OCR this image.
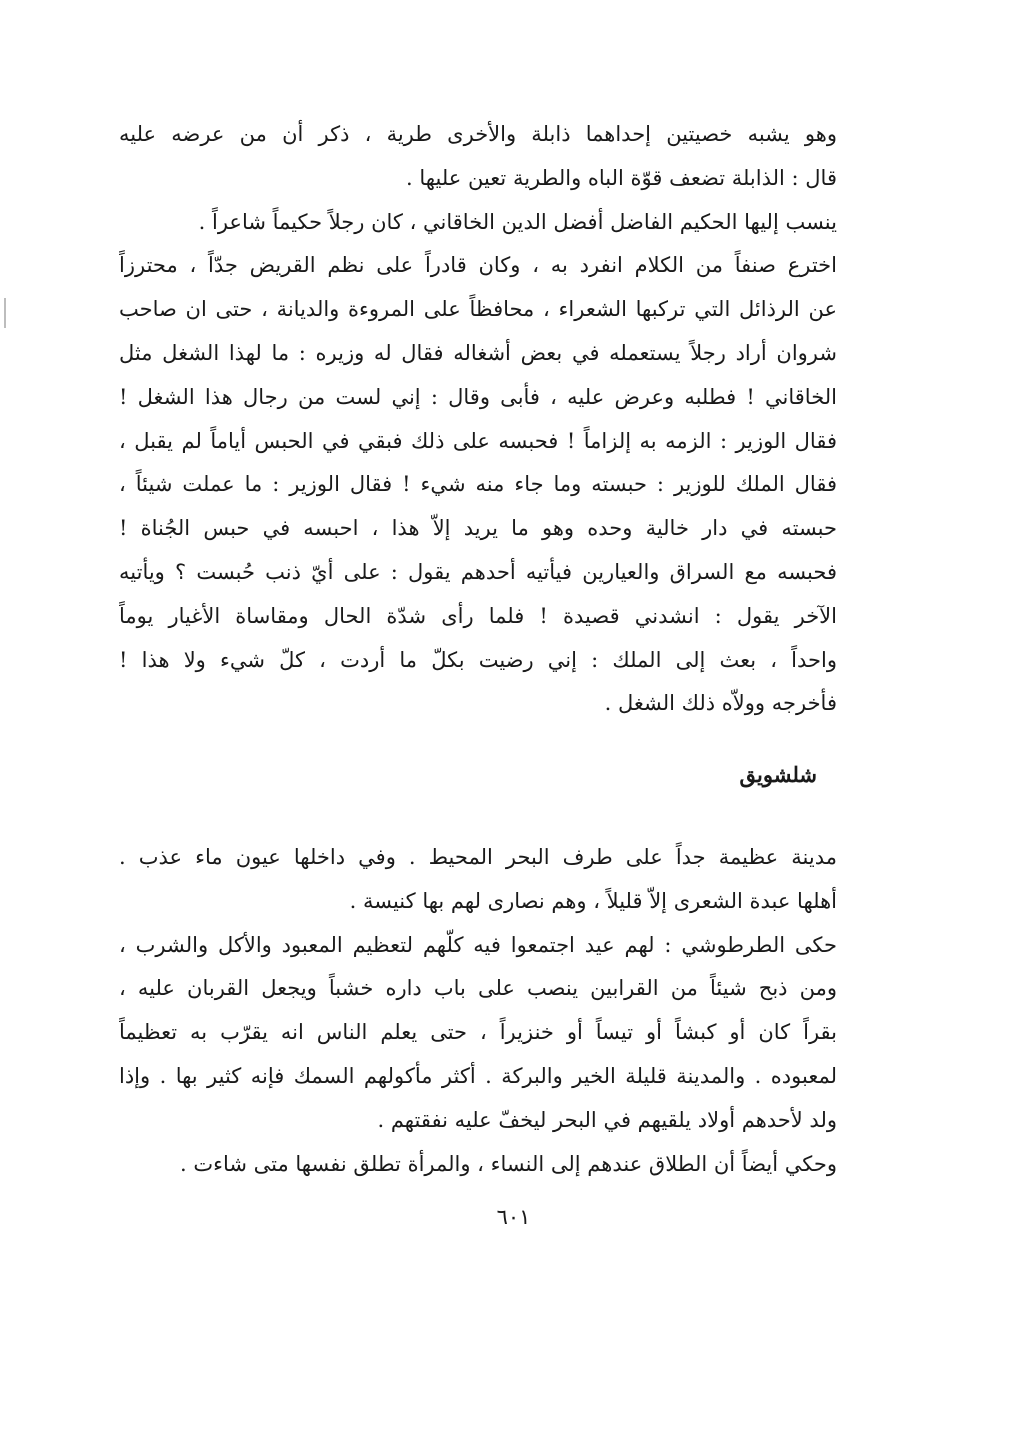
وهو يشبه خصيتين إحداهما ذابلة والأخرى طرية ، ذكر أن من عرضه عليه
قال : الذابلة تضعف قوّة الباه والطرية تعين عليها .
ينسب إليها الحكيم الفاضل أفضل الدين الخاقاني ، كان رجلاً حكيماً شاعراً .
اخترع صنفاً من الكلام انفرد به ، وكان قادراً على نظم القريض جدّاً ، محترزاً
عن الرذائل التي تركبها الشعراء ، محافظاً على المروءة والديانة ، حتى ان صاحب
شروان أراد رجلاً يستعمله في بعض أشغاله فقال له وزيره : ما لهذا الشغل مثل
الخاقاني ! فطلبه وعرض عليه ، فأبى وقال : إني لست من رجال هذا الشغل !
فقال الوزير : الزمه به إلزاماً ! فحبسه على ذلك فبقي في الحبس أياماً لم يقبل ،
فقال الملك للوزير : حبسته وما جاء منه شيء ! فقال الوزير : ما عملت شيئاً ،
حبسته في دار خالية وحده وهو ما يريد إلاّ هذا ، احبسه في حبس الجُناة !
فحبسه مع السراق والعيارين فيأتيه أحدهم يقول : على أيّ ذنب حُبست ؟ ويأتيه
الآخر يقول : انشدني قصيدة ! فلما رأى شدّة الحال ومقاساة الأغيار يوماً
واحداً ، بعث إلى الملك : إني رضيت بكلّ ما أردت ، كلّ شيء ولا هذا !
فأخرجه وولاّه ذلك الشغل .
شلشويق
مدينة عظيمة جداً على طرف البحر المحيط . وفي داخلها عيون ماء عذب .
أهلها عبدة الشعرى إلاّ قليلاً ، وهم نصارى لهم بها كنيسة .
حكى الطرطوشي : لهم عيد اجتمعوا فيه كلّهم لتعظيم المعبود والأكل والشرب ،
ومن ذبح شيئاً من القرابين ينصب على باب داره خشباً ويجعل القربان عليه ،
بقراً كان أو كبشاً أو تيساً أو خنزيراً ، حتى يعلم الناس انه يقرّب به تعظيماً
لمعبوده . والمدينة قليلة الخير والبركة . أكثر مأكولهم السمك فإنه كثير بها . وإذا
ولد لأحدهم أولاد يلقيهم في البحر ليخفّ عليه نفقتهم .
وحكي أيضاً أن الطلاق عندهم إلى النساء ، والمرأة تطلق نفسها متى شاءت .
٦٠١
